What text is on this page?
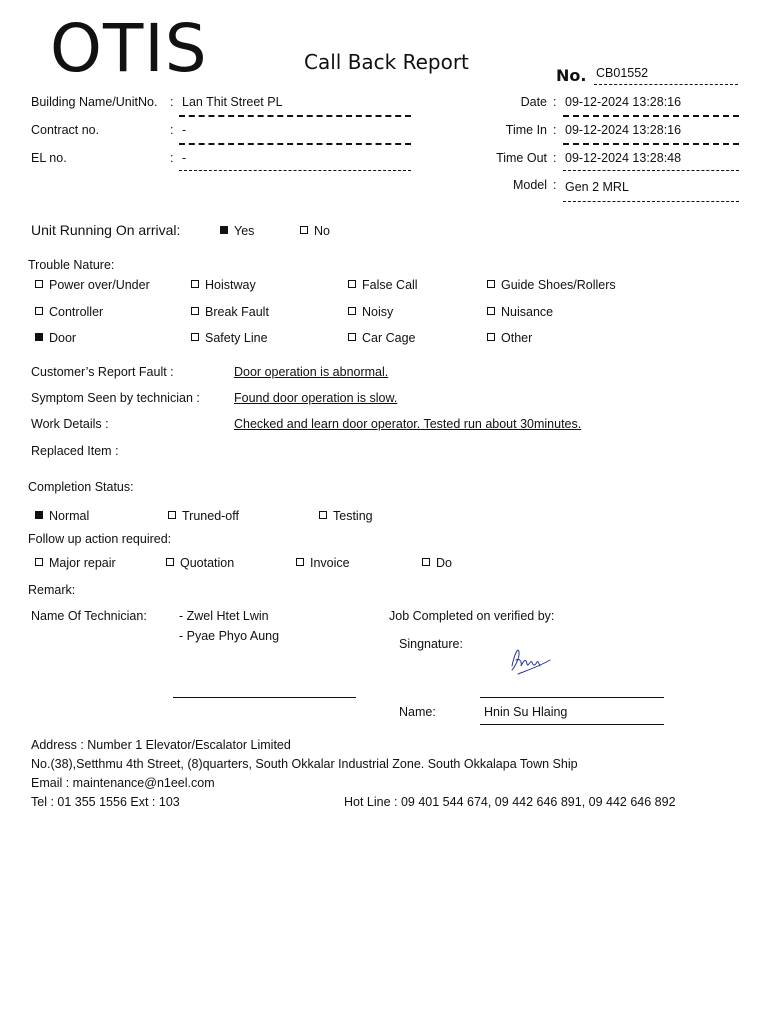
OTIS	Call Back Report
No. CB01552
Building Name/UnitNo. : Lan Thit Street PL
Contract no.	: -
EL no.	: -
Date : 09-12-2024 13:28:16
Time In : 09-12-2024 13:28:16
Time Out : 09-12-2024 13:28:48
Model : Gen 2 MRL
Unit Running On arrival:	Yes	No
Trouble Nature:
Power over/Under	Hoistway	False Call	Guide Shoes/Rollers
Controller	Break Fault	Noisy	Nuisance
Door	Safety Line	Car Cage	Other
Customer’s Report Fault :	Door operation is abnormal.
Symptom Seen by technician :	Found door operation is slow.
Work Details :	Checked and learn door operator. Tested run about 30minutes.
Replaced Item :
Completion Status:
Normal	Truned-off	Testing
Follow up action required:
Major repair	Quotation	Invoice	Do
Remark:
Name Of Technician:	- Zwel Htet Lwin
- Pyae Phyo Aung
Job Completed on verified by:
Singnature:
Name:	Hnin Su Hlaing
Address : Number 1 Elevator/Escalator Limited
No.(38),Setthmu 4th Street, (8)quarters, South Okkalar Industrial Zone. South Okkalapa Town Ship
Email : maintenance@n1eel.com
Tel : 01 355 1556 Ext : 103	Hot Line : 09 401 544 674, 09 442 646 891, 09 442 646 892
